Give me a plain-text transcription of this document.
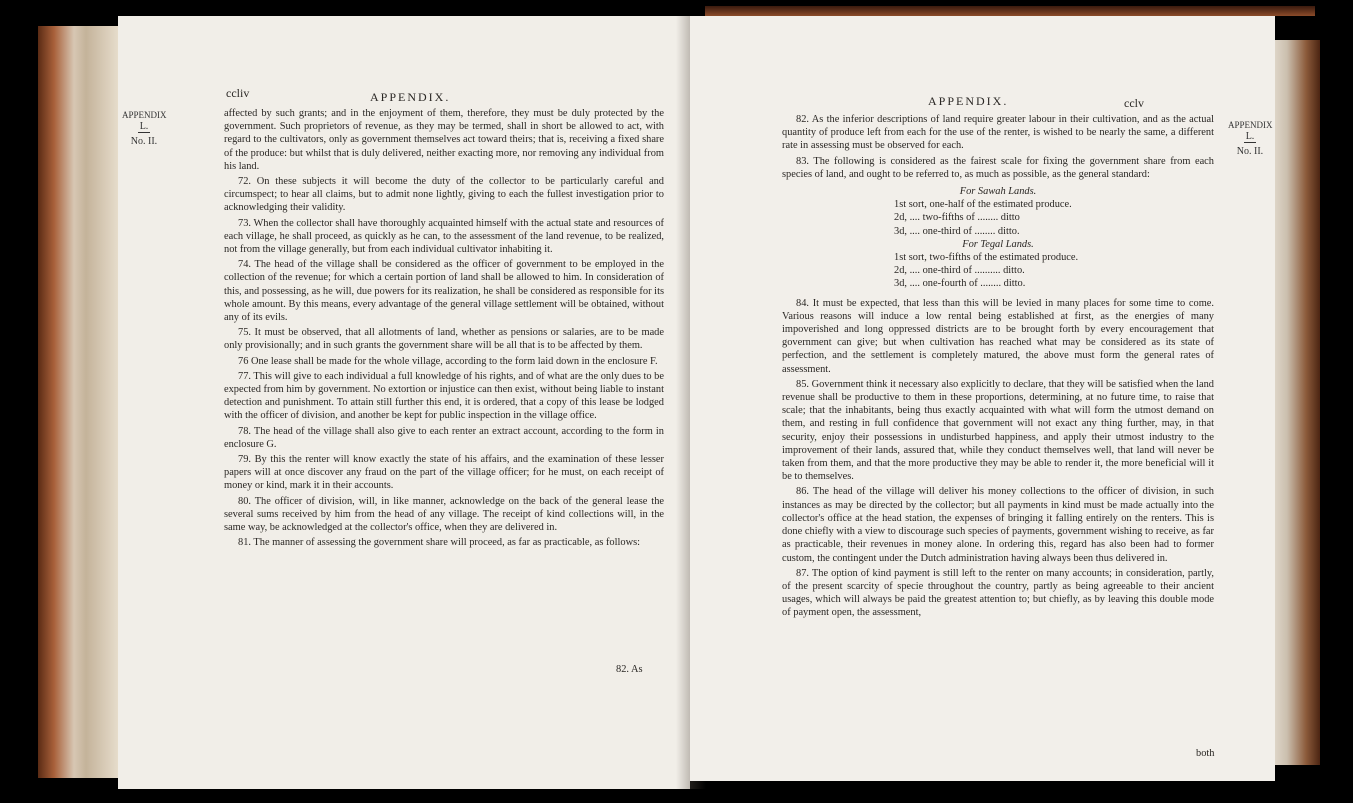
ccliv	APPENDIX.
APPENDIX
L.
No. II.

affected by such grants; and in the enjoyment of them, therefore, they must be duly protected by the government. Such proprietors of revenue, as they may be termed, shall in short be allowed to act, with regard to the cultivators, only as government themselves act toward theirs; that is, receiving a fixed share of the produce: but whilst that is duly delivered, neither exacting more, nor removing any individual from his land.

72. On these subjects it will become the duty of the collector to be particularly careful and circumspect; to hear all claims, but to admit none lightly, giving to each the fullest investigation prior to acknowledging their validity.

73. When the collector shall have thoroughly acquainted himself with the actual state and resources of each village, he shall proceed, as quickly as he can, to the assessment of the land revenue, to be realized, not from the village generally, but from each individual cultivator inhabiting it.

74. The head of the village shall be considered as the officer of government to be employed in the collection of the revenue; for which a certain portion of land shall be allowed to him. In consideration of this, and possessing, as he will, due powers for its realization, he shall be considered as responsible for its whole amount. By this means, every advantage of the general village settlement will be obtained, without any of its evils.

75. It must be observed, that all allotments of land, whether as pensions or salaries, are to be made only provisionally; and in such grants the government share will be all that is to be affected by them.

76 One lease shall be made for the whole village, according to the form laid down in the enclosure F.

77. This will give to each individual a full knowledge of his rights, and of what are the only dues to be expected from him by government. No extortion or injustice can then exist, without being liable to instant detection and punishment. To attain still further this end, it is ordered, that a copy of this lease be lodged with the officer of division, and another be kept for public inspection in the village office.

78. The head of the village shall also give to each renter an extract account, according to the form in enclosure G.

79. By this the renter will know exactly the state of his affairs, and the examination of these lesser papers will at once discover any fraud on the part of the village officer; for he must, on each receipt of money or kind, mark it in their accounts.

80. The officer of division, will, in like manner, acknowledge on the back of the general lease the several sums received by him from the head of any village. The receipt of kind collections will, in the same way, be acknowledged at the collector's office, when they are delivered in.

81. The manner of assessing the government share will proceed, as far as practicable, as follows:

82. As
APPENDIX.	cclv
APPENDIX
L.
No. II.

82. As the inferior descriptions of land require greater labour in their cultivation, and as the actual quantity of produce left from each for the use of the renter, is wished to be nearly the same, a different rate in assessing must be observed for each.

83. The following is considered as the fairest scale for fixing the government share from each species of land, and ought to be referred to, as much as possible, as the general standard:

For Sawah Lands.
1st sort, one-half of the estimated produce.
2d, .... two-fifths of ........ ditto
3d, .... one-third of ........ ditto.
For Tegal Lands.
1st sort, two-fifths of the estimated produce.
2d, .... one-third of .......... ditto.
3d, .... one-fourth of ........ ditto.

84. It must be expected, that less than this will be levied in many places for some time to come. Various reasons will induce a low rental being established at first, as the energies of many impoverished and long oppressed districts are to be brought forth by every encouragement that government can give; but when cultivation has reached what may be considered as its state of perfection, and the settlement is completely matured, the above must form the general rates of assessment.

85. Government think it necessary also explicitly to declare, that they will be satisfied when the land revenue shall be productive to them in these proportions, determining, at no future time, to raise that scale; that the inhabitants, being thus exactly acquainted with what will form the utmost demand on them, and resting in full confidence that government will not exact any thing further, may, in that security, enjoy their possessions in undisturbed happiness, and apply their utmost industry to the improvement of their lands, assured that, while they conduct themselves well, that land will never be taken from them, and that the more productive they may be able to render it, the more beneficial will it be to themselves.

86. The head of the village will deliver his money collections to the officer of division, in such instances as may be directed by the collector; but all payments in kind must be made actually into the collector's office at the head station, the expenses of bringing it falling entirely on the renters. This is done chiefly with a view to discourage such species of payments, government wishing to receive, as far as practicable, their revenues in money alone. In ordering this, regard has also been had to former custom, the contingent under the Dutch administration having always been thus delivered in.

87. The option of kind payment is still left to the renter on many accounts; in consideration, partly, of the present scarcity of specie throughout the country, partly as being agreeable to their ancient usages, which will always be paid the greatest attention to; but chiefly, as by leaving this double mode of payment open, the assessment,

both
